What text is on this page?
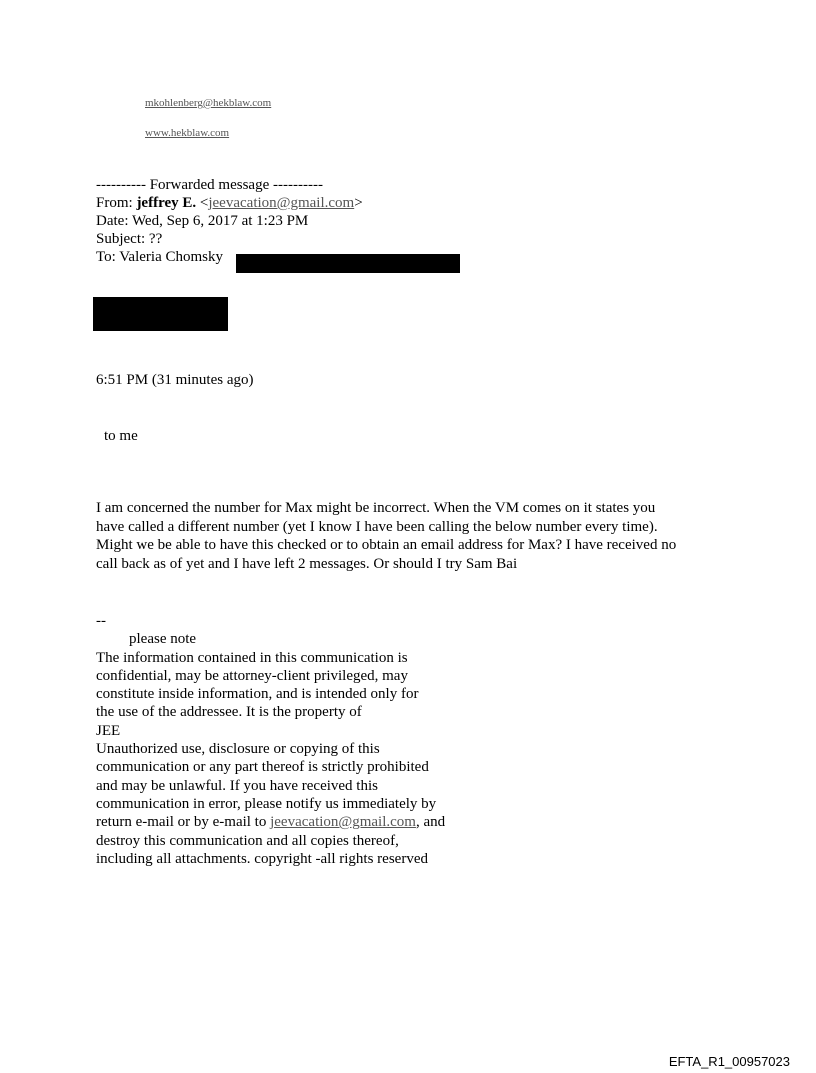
mkohlenberg@hekblaw.com
www.hekblaw.com
---------- Forwarded message ----------
From: jeffrey E. <jeevacation@gmail.com>
Date: Wed, Sep 6, 2017 at 1:23 PM
Subject: ??
To: Valeria Chomsky
6:51 PM (31 minutes ago)
to me
I am concerned the number for Max might be incorrect. When the VM comes on it states you
have called a different number (yet I know I have been calling the below number every time).
Might we be able to have this checked or to obtain an email address for Max? I have received no
call back as of yet and I have left 2 messages. Or should I try Sam Bai
--
please note
The information contained in this communication is
confidential, may be attorney-client privileged, may
constitute inside information, and is intended only for
the use of the addressee. It is the property of
JEE
Unauthorized use, disclosure or copying of this
communication or any part thereof is strictly prohibited
and may be unlawful. If you have received this
communication in error, please notify us immediately by
return e-mail or by e-mail to jeevacation@gmail.com, and
destroy this communication and all copies thereof,
including all attachments. copyright -all rights reserved
EFTA_R1_00957023
